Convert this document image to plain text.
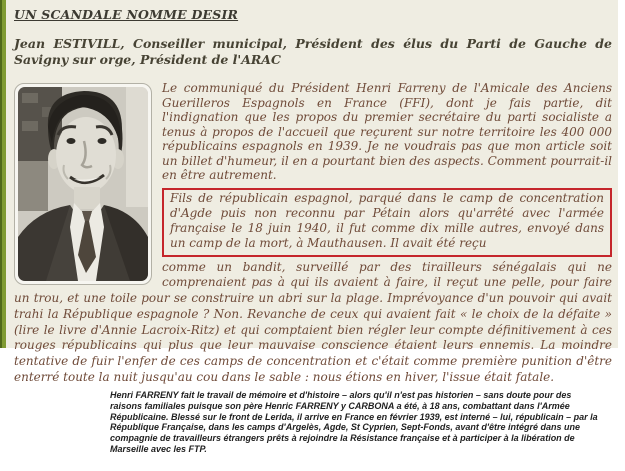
UN SCANDALE NOMME DESIR

Jean ESTIVILL, Conseiller municipal, Président des élus du Parti de Gauche de Savigny sur orge, Président de l'ARAC

Le communiqué du Président Henri Farreny de l'Amicale des Anciens Guerilleros Espagnols en France (FFI), dont je fais partie, dit l'indignation que les propos du premier secrétaire du parti socialiste a tenus à propos de l'accueil que reçurent sur notre territoire les 400 000 républicains espagnols en 1939. Je ne voudrais pas que mon article soit un billet d'humeur, il en a pourtant bien des aspects. Comment pourrait-il en être autrement.

Fils de républicain espagnol, parqué dans le camp de concentration d'Agde puis non reconnu par Pétain alors qu'arrêté avec l'armée française le 18 juin 1940, il fut comme dix mille autres, envoyé dans un camp de la mort, à Mauthausen. Il avait été reçu

comme un bandit, surveillé par des tirailleurs sénégalais qui ne comprenaient pas à qui ils avaient à faire, il reçut une pelle, pour faire un trou, et une toile pour se construire un abri sur la plage. Imprévoyance d'un pouvoir qui avait trahi la République espagnole ? Non. Revanche de ceux qui avaient fait « le choix de la défaite » (lire le livre d'Annie Lacroix-Ritz) et qui comptaient bien régler leur compte définitivement à ces rouges républicains qui plus que leur mauvaise conscience étaient leurs ennemis. La moindre tentative de fuir l'enfer de ces camps de concentration et c'était comme première punition d'être enterré toute la nuit jusqu'au cou dans le sable : nous étions en hiver, l'issue était fatale.

Henri FARRENY fait le travail de mémoire et d'histoire – alors qu'il n'est pas historien – sans doute pour des raisons familiales puisque son père Henric FARRENY y CARBONA a été, à 18 ans, combattant dans l'Armée Républicaine. Blessé sur le front de Lerida, il arrive en France en février 1939, est interné – lui, républicain – par la République Française, dans les camps d'Argelès, Agde, St Cyprien, Sept-Fonds, avant d'être intégré dans une compagnie de travailleurs étrangers prêts à rejoindre la Résistance française et à participer à la libération de Marseille avec les FTP.
